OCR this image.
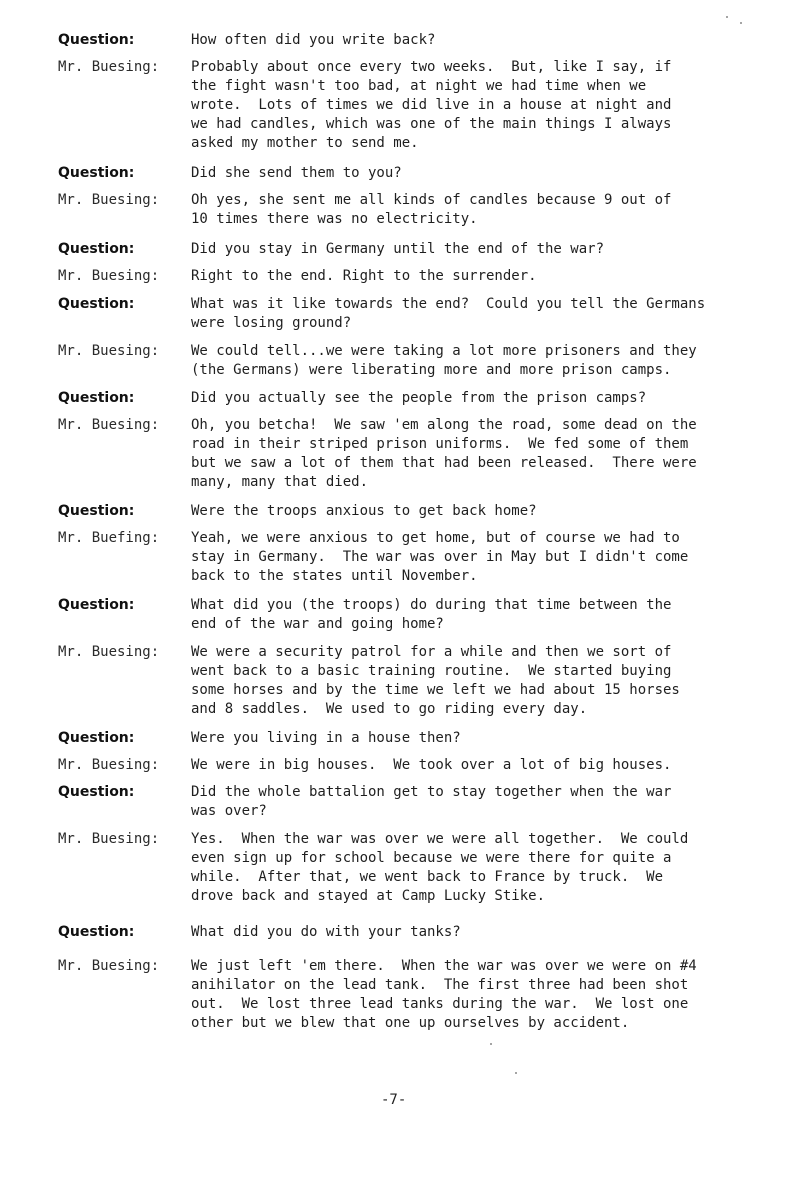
Question:	How often did you write back?
Mr. Buesing:	Probably about once every two weeks.  But, like I say, if
the fight wasn't too bad, at night we had time when we
wrote.  Lots of times we did live in a house at night and
we had candles, which was one of the main things I always
asked my mother to send me.
Question:	Did she send them to you?
Mr. Buesing:	Oh yes, she sent me all kinds of candles because 9 out of
10 times there was no electricity.
Question:	Did you stay in Germany until the end of the war?
Mr. Buesing:	Right to the end. Right to the surrender.
Question:	What was it like towards the end?  Could you tell the Germans
were losing ground?
Mr. Buesing:	We could tell...we were taking a lot more prisoners and they
(the Germans) were liberating more and more prison camps.
Question:	Did you actually see the people from the prison camps?
Mr. Buesing:	Oh, you betcha!  We saw 'em along the road, some dead on the
road in their striped prison uniforms.  We fed some of them
but we saw a lot of them that had been released.  There were
many, many that died.
Question:	Were the troops anxious to get back home?
Mr. Buefing:	Yeah, we were anxious to get home, but of course we had to
stay in Germany.  The war was over in May but I didn't come
back to the states until November.
Question:	What did you (the troops) do during that time between the
end of the war and going home?
Mr. Buesing:	We were a security patrol for a while and then we sort of
went back to a basic training routine.  We started buying
some horses and by the time we left we had about 15 horses
and 8 saddles.  We used to go riding every day.
Question:	Were you living in a house then?
Mr. Buesing:	We were in big houses.  We took over a lot of big houses.
Question:	Did the whole battalion get to stay together when the war
was over?
Mr. Buesing:	Yes.  When the war was over we were all together.  We could
even sign up for school because we were there for quite a
while.  After that, we went back to France by truck.  We
drove back and stayed at Camp Lucky Stike.
Question:	What did you do with your tanks?
Mr. Buesing:	We just left 'em there.  When the war was over we were on #4
anihilator on the lead tank.  The first three had been shot
out.  We lost three lead tanks during the war.  We lost one
other but we blew that one up ourselves by accident.
-7-
